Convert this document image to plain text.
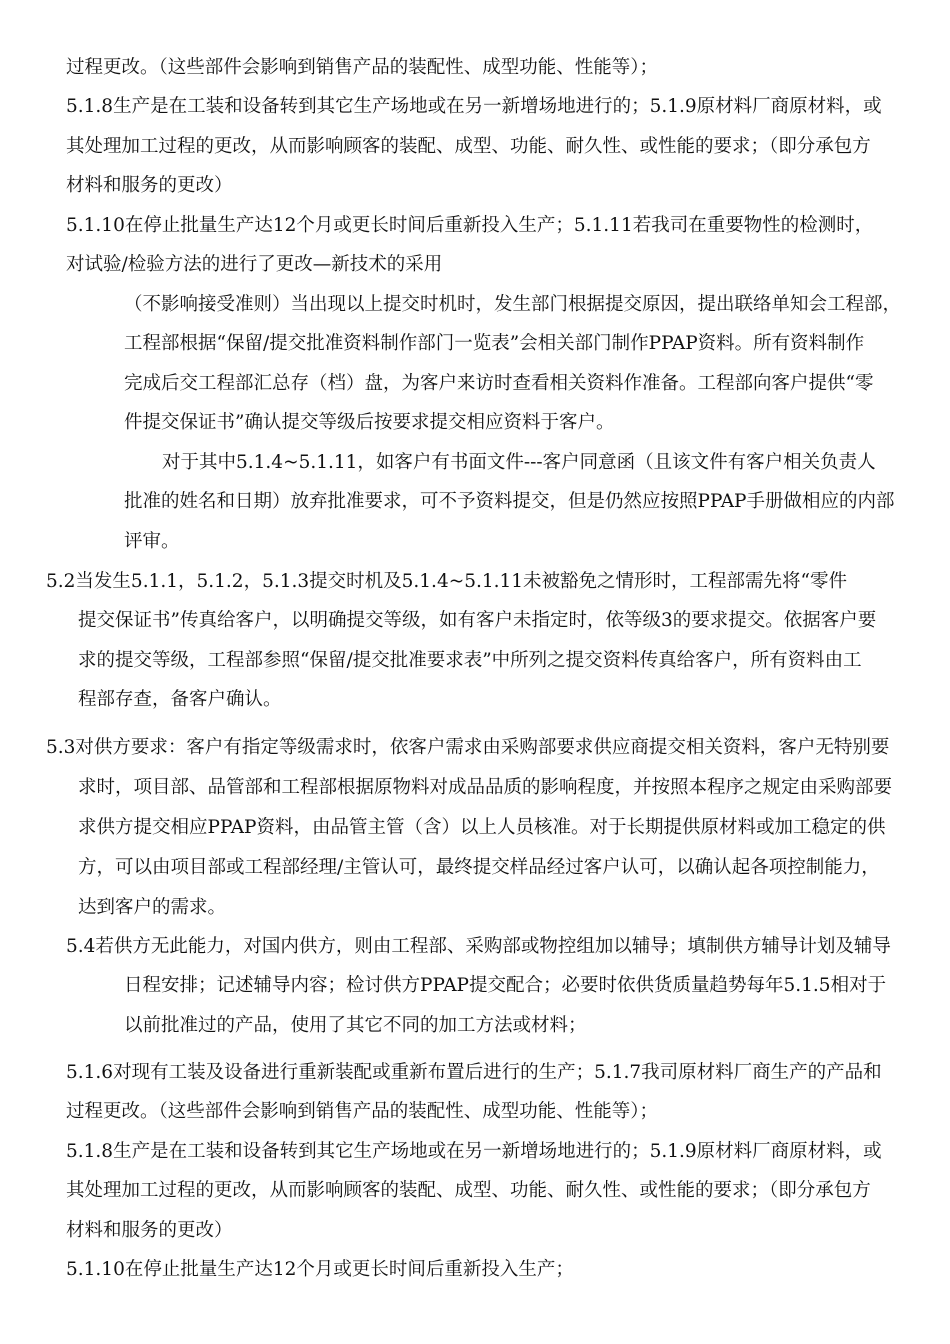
过程更改。（这些部件会影响到销售产品的装配性、成型功能、性能等）；
5.1.8生产是在工装和设备转到其它生产场地或在另一新增场地进行的；5.1.9原材料厂商原材料，或
其处理加工过程的更改，从而影响顾客的装配、成型、功能、耐久性、或性能的要求；（即分承包方
材料和服务的更改）
5.1.10在停止批量生产达12个月或更长时间后重新投入生产；5.1.11若我司在重要物性的检测时，
对试验/检验方法的进行了更改—新技术的采用
（不影响接受准则）当出现以上提交时机时，发生部门根据提交原因，提出联络单知会工程部，
工程部根据“保留/提交批准资料制作部门一览表”会相关部门制作PPAP资料。所有资料制作
完成后交工程部汇总存（档）盘，为客户来访时查看相关资料作准备。工程部向客户提供“零
件提交保证书”确认提交等级后按要求提交相应资料于客户。
对于其中5.1.4~5.1.11，如客户有书面文件---客户同意函（且该文件有客户相关负责人
批准的姓名和日期）放弃批准要求，可不予资料提交，但是仍然应按照PPAP手册做相应的内部
评审。
5.2当发生5.1.1，5.1.2，5.1.3提交时机及5.1.4~5.1.11未被豁免之情形时，工程部需先将“零件
提交保证书”传真给客户，以明确提交等级，如有客户未指定时，依等级3的要求提交。依据客户要
求的提交等级，工程部参照“保留/提交批准要求表”中所列之提交资料传真给客户，所有资料由工
程部存查，备客户确认。
5.3对供方要求：客户有指定等级需求时，依客户需求由采购部要求供应商提交相关资料，客户无特别要
求时，项目部、品管部和工程部根据原物料对成品品质的影响程度，并按照本程序之规定由采购部要
求供方提交相应PPAP资料，由品管主管（含）以上人员核准。对于长期提供原材料或加工稳定的供
方，可以由项目部或工程部经理/主管认可，最终提交样品经过客户认可，以确认起各项控制能力，
达到客户的需求。
5.4若供方无此能力，对国内供方，则由工程部、采购部或物控组加以辅导；填制供方辅导计划及辅导
日程安排；记述辅导内容；检讨供方PPAP提交配合；必要时依供货质量趋势每年5.1.5相对于
以前批准过的产品，使用了其它不同的加工方法或材料；
5.1.6对现有工装及设备进行重新装配或重新布置后进行的生产；5.1.7我司原材料厂商生产的产品和
过程更改。（这些部件会影响到销售产品的装配性、成型功能、性能等）；
5.1.8生产是在工装和设备转到其它生产场地或在另一新增场地进行的；5.1.9原材料厂商原材料，或
其处理加工过程的更改，从而影响顾客的装配、成型、功能、耐久性、或性能的要求；（即分承包方
材料和服务的更改）
5.1.10在停止批量生产达12个月或更长时间后重新投入生产；
